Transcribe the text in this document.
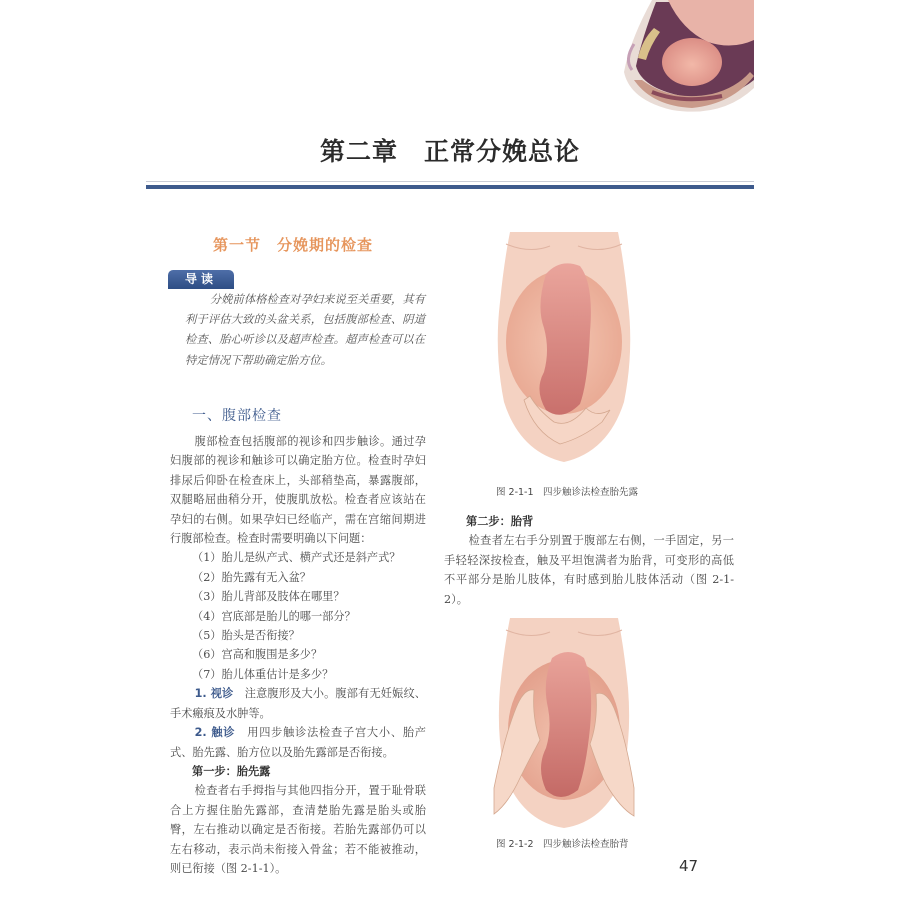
第二章 正常分娩总论
第一节　分娩期的检查
导读

分娩前体格检查对孕妇来说至关重要，其有利于评估大致的头盆关系，包括腹部检查、阴道检查、胎心听诊以及超声检查。超声检查可以在特定情况下帮助确定胎方位。

一、腹部检查

腹部检查包括腹部的视诊和四步触诊。通过孕妇腹部的视诊和触诊可以确定胎方位。检查时孕妇排尿后仰卧在检查床上，头部稍垫高，暴露腹部，双腿略屈曲稍分开，使腹肌放松。检查者应该站在孕妇的右侧。如果孕妇已经临产，需在宫缩间期进行腹部检查。检查时需要明确以下问题：

（1）胎儿是纵产式、横产式还是斜产式？
（2）胎先露有无入盆？
（3）胎儿背部及肢体在哪里？
（4）宫底部是胎儿的哪一部分？
（5）胎头是否衔接？
（6）宫高和腹围是多少？
（7）胎儿体重估计是多少？

1. 视诊　 注意腹形及大小。腹部有无妊娠纹、手术瘢痕及水肿等。

2. 触诊　 用四步触诊法检查子宫大小、胎产式、胎先露、胎方位以及胎先露部是否衔接。

第一步：胎先露

检查者右手拇指与其他四指分开，置于耻骨联合上方握住胎先露部，查清楚胎先露是胎头或胎臀，左右推动以确定是否衔接。若胎先露部仍可以左右移动，表示尚未衔接入骨盆；若不能被推动，则已衔接（图 2-1-1）。

图 2-1-1　 四步触诊法检查胎先露

第二步：胎背

检查者左右手分别置于腹部左右侧，一手固定，另一手轻轻深按检查，触及平坦饱满者为胎背，可变形的高低不平部分是胎儿肢体，有时感到胎儿肢体活动（图 2-1-2）。

图 2-1-2　 四步触诊法检查胎背
47
